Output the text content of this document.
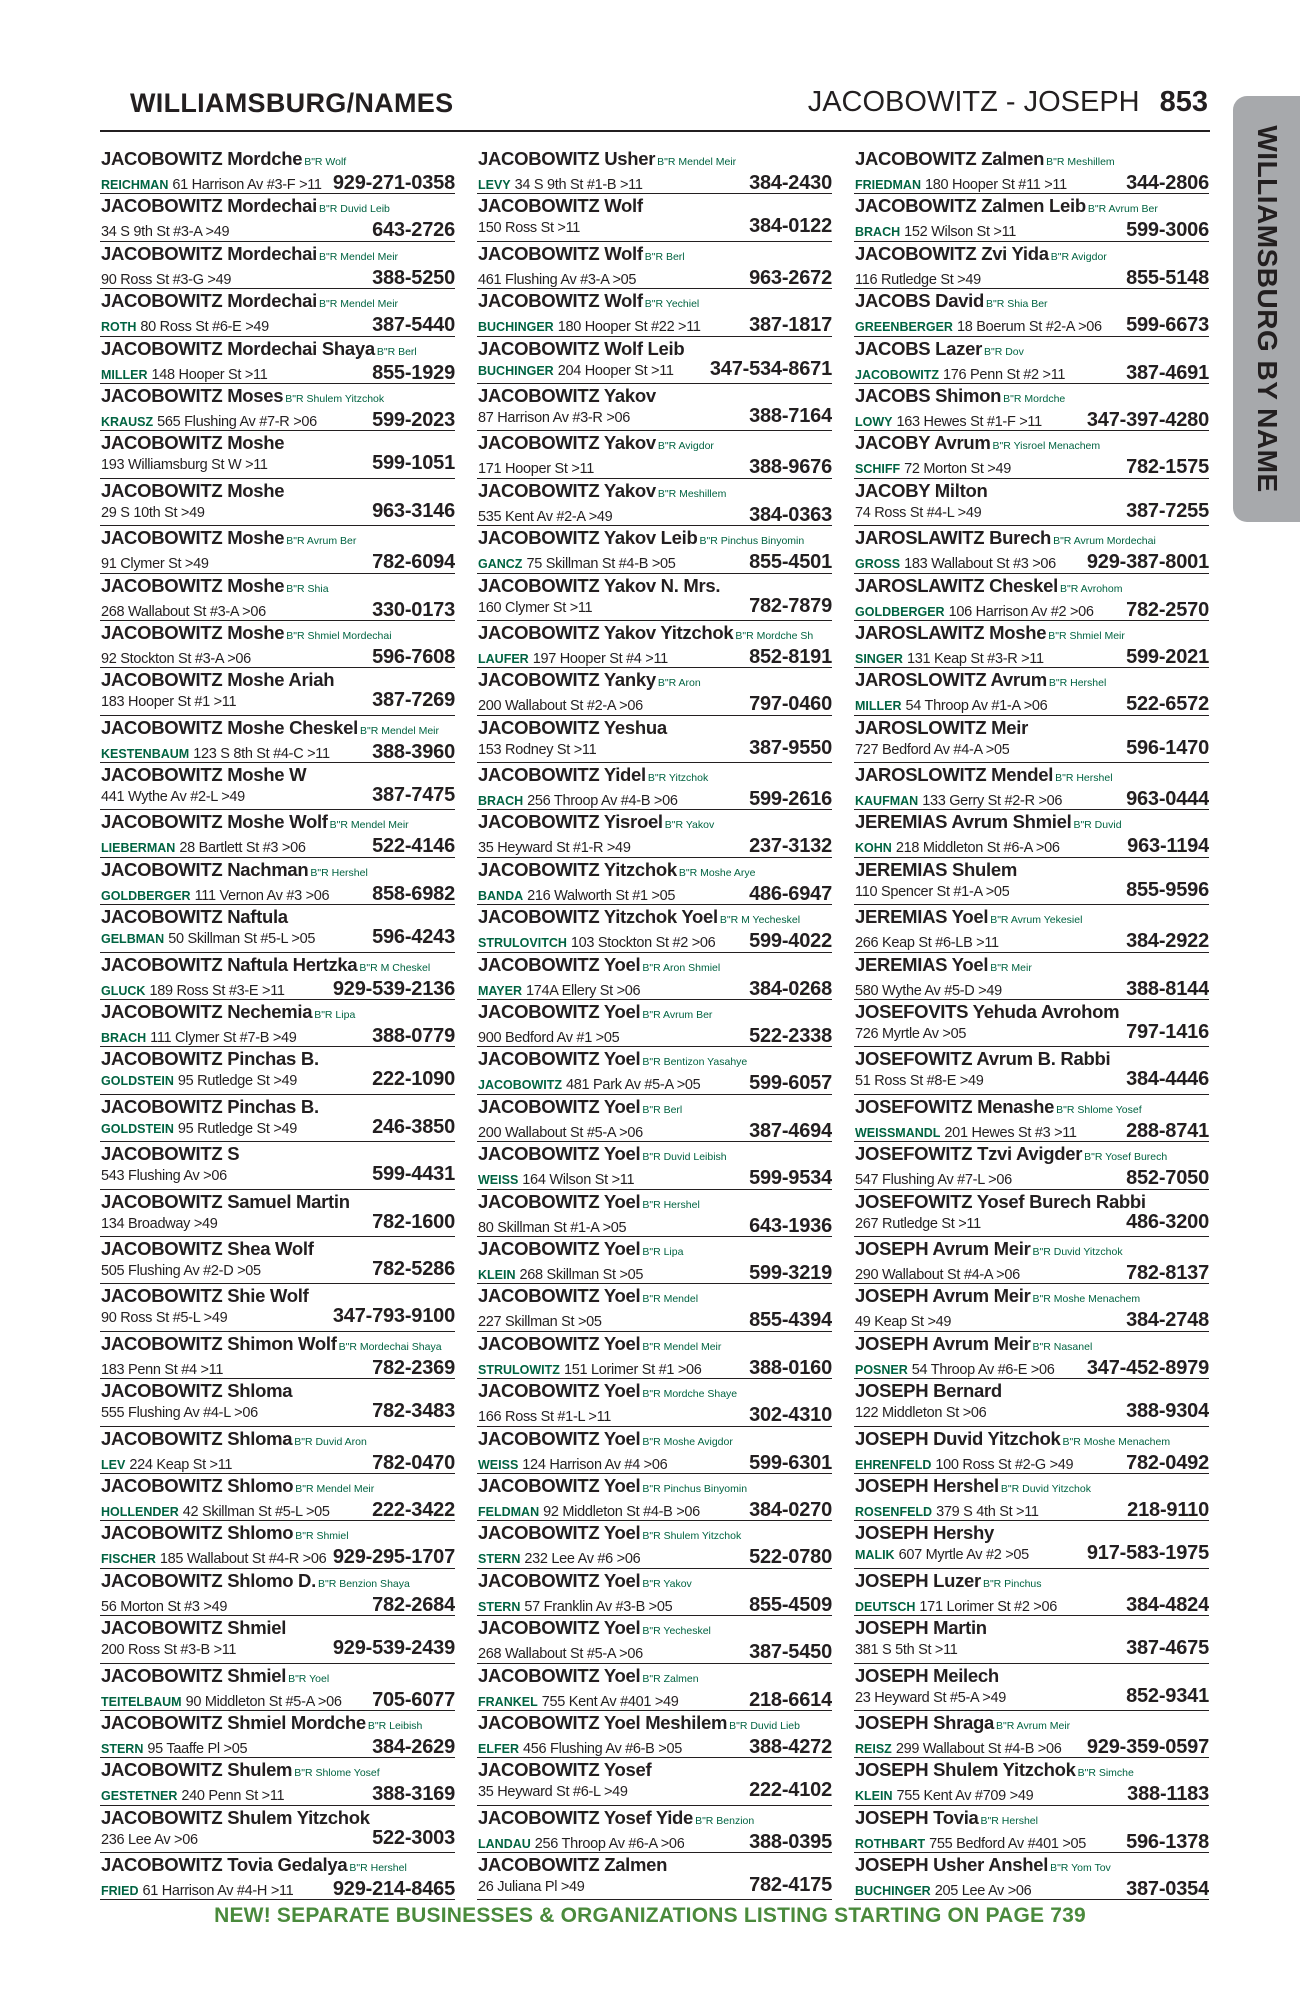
WILLIAMSBURG/NAMES	JACOBOWITZ - JOSEPH 853
WILLIAMSBURG BY NAME
JACOBOWITZ Mordche B"R Wolf
REICHMAN 61 Harrison Av #3-F >11 929-271-0358
JACOBOWITZ Mordechai B"R Duvid Leib
34 S 9th St #3-A >49	643-2726
JACOBOWITZ Mordechai B"R Mendel Meir
90 Ross St #3-G >49	388-5250
JACOBOWITZ Mordechai B"R Mendel Meir
ROTH 80 Ross St #6-E >49	387-5440
JACOBOWITZ Mordechai Shaya B"R Berl
MILLER 148 Hooper St >11	855-1929
JACOBOWITZ Moses B"R Shulem Yitzchok
KRAUSZ 565 Flushing Av #7-R >06	599-2023
JACOBOWITZ Moshe
193 Williamsburg St W >11	599-1051
JACOBOWITZ Moshe
29 S 10th St >49	963-3146
JACOBOWITZ Moshe B"R Avrum Ber
91 Clymer St >49	782-6094
JACOBOWITZ Moshe B"R Shia
268 Wallabout St #3-A >06	330-0173
JACOBOWITZ Moshe B"R Shmiel Mordechai
92 Stockton St #3-A >06	596-7608
JACOBOWITZ Moshe Ariah
183 Hooper St #1 >11	387-7269
JACOBOWITZ Moshe Cheskel B"R Mendel Meir
KESTENBAUM 123 S 8th St #4-C >11 388-3960
JACOBOWITZ Moshe W
441 Wythe Av #2-L >49	387-7475
JACOBOWITZ Moshe Wolf B"R Mendel Meir
LIEBERMAN 28 Bartlett St #3 >06	522-4146
JACOBOWITZ Nachman B"R Hershel
GOLDBERGER 111 Vernon Av #3 >06 858-6982
JACOBOWITZ Naftula
GELBMAN 50 Skillman St #5-L >05	596-4243
JACOBOWITZ Naftula Hertzka B"R M Cheskel
GLUCK 189 Ross St #3-E >11 929-539-2136
JACOBOWITZ Nechemia B"R Lipa
BRACH 111 Clymer St #7-B >49	388-0779
JACOBOWITZ Pinchas B.
GOLDSTEIN 95 Rutledge St >49	222-1090
JACOBOWITZ Pinchas B.
GOLDSTEIN 95 Rutledge St >49	246-3850
JACOBOWITZ S
543 Flushing Av >06	599-4431
JACOBOWITZ Samuel Martin
134 Broadway >49	782-1600
JACOBOWITZ Shea Wolf
505 Flushing Av #2-D >05	782-5286
JACOBOWITZ Shie Wolf
90 Ross St #5-L >49	347-793-9100
JACOBOWITZ Shimon Wolf B"R Mordechai Shaya
183 Penn St #4 >11	782-2369
JACOBOWITZ Shloma
555 Flushing Av #4-L >06	782-3483
JACOBOWITZ Shloma B"R Duvid Aron
LEV 224 Keap St >11	782-0470
JACOBOWITZ Shlomo B"R Mendel Meir
HOLLENDER 42 Skillman St #5-L >05 222-3422
JACOBOWITZ Shlomo B"R Shmiel
FISCHER 185 Wallabout St #4-R >06 929-295-1707
JACOBOWITZ Shlomo D. B"R Benzion Shaya
56 Morton St #3 >49	782-2684
JACOBOWITZ Shmiel
200 Ross St #3-B >11	929-539-2439
JACOBOWITZ Shmiel B"R Yoel
TEITELBAUM 90 Middleton St #5-A >06 705-6077
JACOBOWITZ Shmiel Mordche B"R Leibish
STERN 95 Taaffe Pl >05	384-2629
JACOBOWITZ Shulem B"R Shlome Yosef
GESTETNER 240 Penn St >11	388-3169
JACOBOWITZ Shulem Yitzchok
236 Lee Av >06	522-3003
JACOBOWITZ Tovia Gedalya B"R Hershel
FRIED 61 Harrison Av #4-H >11 929-214-8465
JACOBOWITZ Usher B"R Mendel Meir
LEVY 34 S 9th St #1-B >11	384-2430
JACOBOWITZ Wolf
150 Ross St >11	384-0122
JACOBOWITZ Wolf B"R Berl
461 Flushing Av #3-A >05	963-2672
JACOBOWITZ Wolf B"R Yechiel
BUCHINGER 180 Hooper St #22 >11 387-1817
JACOBOWITZ Wolf Leib
BUCHINGER 204 Hooper St >11 347-534-8671
JACOBOWITZ Yakov
87 Harrison Av #3-R >06	388-7164
JACOBOWITZ Yakov B"R Avigdor
171 Hooper St >11	388-9676
JACOBOWITZ Yakov B"R Meshillem
535 Kent Av #2-A >49	384-0363
JACOBOWITZ Yakov Leib B"R Pinchus Binyomin
GANCZ 75 Skillman St #4-B >05	855-4501
JACOBOWITZ Yakov N. Mrs.
160 Clymer St >11	782-7879
JACOBOWITZ Yakov Yitzchok B"R Mordche Sh
LAUFER 197 Hooper St #4 >11	852-8191
JACOBOWITZ Yanky B"R Aron
200 Wallabout St #2-A >06	797-0460
JACOBOWITZ Yeshua
153 Rodney St >11	387-9550
JACOBOWITZ Yidel B"R Yitzchok
BRACH 256 Throop Av #4-B >06	599-2616
JACOBOWITZ Yisroel B"R Yakov
35 Heyward St #1-R >49	237-3132
JACOBOWITZ Yitzchok B"R Moshe Arye
BANDA 216 Walworth St #1 >05	486-6947
JACOBOWITZ Yitzchok Yoel B"R M Yecheskel
STRULOVITCH 103 Stockton St #2 >06 599-4022
JACOBOWITZ Yoel B"R Aron Shmiel
MAYER 174A Ellery St >06	384-0268
JACOBOWITZ Yoel B"R Avrum Ber
900 Bedford Av #1 >05	522-2338
JACOBOWITZ Yoel B"R Bentizon Yasahye
JACOBOWITZ 481 Park Av #5-A >05 599-6057
JACOBOWITZ Yoel B"R Berl
200 Wallabout St #5-A >06	387-4694
JACOBOWITZ Yoel B"R Duvid Leibish
WEISS 164 Wilson St >11	599-9534
JACOBOWITZ Yoel B"R Hershel
80 Skillman St #1-A >05	643-1936
JACOBOWITZ Yoel B"R Lipa
KLEIN 268 Skillman St >05	599-3219
JACOBOWITZ Yoel B"R Mendel
227 Skillman St >05	855-4394
JACOBOWITZ Yoel B"R Mendel Meir
STRULOWITZ 151 Lorimer St #1 >06 388-0160
JACOBOWITZ Yoel B"R Mordche Shaye
166 Ross St #1-L >11	302-4310
JACOBOWITZ Yoel B"R Moshe Avigdor
WEISS 124 Harrison Av #4 >06	599-6301
JACOBOWITZ Yoel B"R Pinchus Binyomin
FELDMAN 92 Middleton St #4-B >06 384-0270
JACOBOWITZ Yoel B"R Shulem Yitzchok
STERN 232 Lee Av #6 >06	522-0780
JACOBOWITZ Yoel B"R Yakov
STERN 57 Franklin Av #3-B >05	855-4509
JACOBOWITZ Yoel B"R Yecheskel
268 Wallabout St #5-A >06	387-5450
JACOBOWITZ Yoel B"R Zalmen
FRANKEL 755 Kent Av #401 >49	218-6614
JACOBOWITZ Yoel Meshilem B"R Duvid Lieb
ELFER 456 Flushing Av #6-B >05	388-4272
JACOBOWITZ Yosef
35 Heyward St #6-L >49	222-4102
JACOBOWITZ Yosef Yide B"R Benzion
LANDAU 256 Throop Av #6-A >06	388-0395
JACOBOWITZ Zalmen
26 Juliana Pl >49	782-4175
JACOBOWITZ Zalmen B"R Meshillem
FRIEDMAN 180 Hooper St #11 >11	344-2806
JACOBOWITZ Zalmen Leib B"R Avrum Ber
BRACH 152 Wilson St >11	599-3006
JACOBOWITZ Zvi Yida B"R Avigdor
116 Rutledge St >49	855-5148
JACOBS David B"R Shia Ber
GREENBERGER 18 Boerum St #2-A >06 599-6673
JACOBS Lazer B"R Dov
JACOBOWITZ 176 Penn St #2 >11	387-4691
JACOBS Shimon B"R Mordche
LOWY 163 Hewes St #1-F >11 347-397-4280
JACOBY Avrum B"R Yisroel Menachem
SCHIFF 72 Morton St >49	782-1575
JACOBY Milton
74 Ross St #4-L >49	387-7255
JAROSLAWITZ Burech B"R Avrum Mordechai
GROSS 183 Wallabout St #3 >06 929-387-8001
JAROSLAWITZ Cheskel B"R Avrohom
GOLDBERGER 106 Harrison Av #2 >06 782-2570
JAROSLAWITZ Moshe B"R Shmiel Meir
SINGER 131 Keap St #3-R >11	599-2021
JAROSLOWITZ Avrum B"R Hershel
MILLER 54 Throop Av #1-A >06	522-6572
JAROSLOWITZ Meir
727 Bedford Av #4-A >05	596-1470
JAROSLOWITZ Mendel B"R Hershel
KAUFMAN 133 Gerry St #2-R >06	963-0444
JEREMIAS Avrum Shmiel B"R Duvid
KOHN 218 Middleton St #6-A >06	963-1194
JEREMIAS Shulem
110 Spencer St #1-A >05	855-9596
JEREMIAS Yoel B"R Avrum Yekesiel
266 Keap St #6-LB >11	384-2922
JEREMIAS Yoel B"R Meir
580 Wythe Av #5-D >49	388-8144
JOSEFOVITS Yehuda Avrohom
726 Myrtle Av >05	797-1416
JOSEFOWITZ Avrum B. Rabbi
51 Ross St #8-E >49	384-4446
JOSEFOWITZ Menashe B"R Shlome Yosef
WEISSMANDL 201 Hewes St #3 >11 288-8741
JOSEFOWITZ Tzvi Avigder B"R Yosef Burech
547 Flushing Av #7-L >06	852-7050
JOSEFOWITZ Yosef Burech Rabbi
267 Rutledge St >11	486-3200
JOSEPH Avrum Meir B"R Duvid Yitzchok
290 Wallabout St #4-A >06	782-8137
JOSEPH Avrum Meir B"R Moshe Menachem
49 Keap St >49	384-2748
JOSEPH Avrum Meir B"R Nasanel
POSNER 54 Throop Av #6-E >06 347-452-8979
JOSEPH Bernard
122 Middleton St >06	388-9304
JOSEPH Duvid Yitzchok B"R Moshe Menachem
EHRENFELD 100 Ross St #2-G >49	782-0492
JOSEPH Hershel B"R Duvid Yitzchok
ROSENFELD 379 S 4th St >11	218-9110
JOSEPH Hershy
MALIK 607 Myrtle Av #2 >05	917-583-1975
JOSEPH Luzer B"R Pinchus
DEUTSCH 171 Lorimer St #2 >06	384-4824
JOSEPH Martin
381 S 5th St >11	387-4675
JOSEPH Meilech
23 Heyward St #5-A >49	852-9341
JOSEPH Shraga B"R Avrum Meir
REISZ 299 Wallabout St #4-B >06 929-359-0597
JOSEPH Shulem Yitzchok B"R Simche
KLEIN 755 Kent Av #709 >49	388-1183
JOSEPH Tovia B"R Hershel
ROTHBART 755 Bedford Av #401 >05 596-1378
JOSEPH Usher Anshel B"R Yom Tov
BUCHINGER 205 Lee Av >06	387-0354
NEW! SEPARATE BUSINESSES & ORGANIZATIONS LISTING STARTING ON PAGE 739
